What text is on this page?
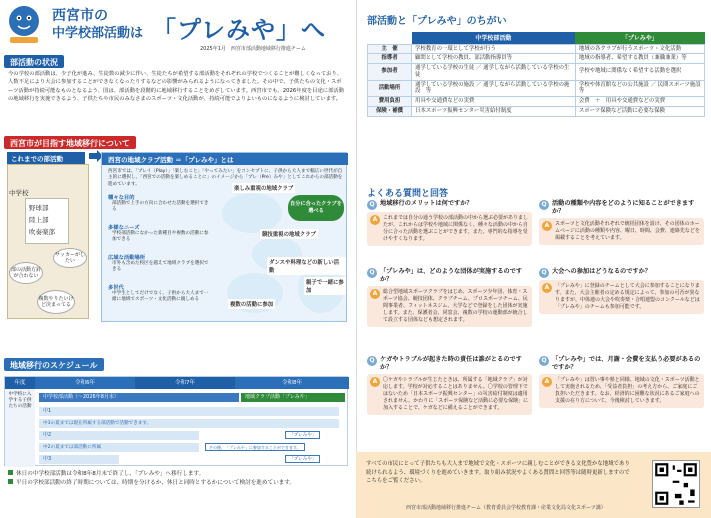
西宮市の
中学校部活動は 「プレみや」へ
2025年1月　西宮市部活動地域移行推進チーム
部活動の状況
今の学校の部活動は、少子化が進み、生徒数の減少に伴い、生徒たちが希望する部活動をそれぞれの学校でつくることが難しくなっており、人数不足により大会に参加することができなくなったりするなどの影響がみられるようになってきました。その中で、子供たちの文化・スポーツ活動が持続可能なものとなるよう、国は、部活動を段階的に地域移行することをめざしています。西宮市でも、2026年度を目途に部活動の地域移行を実施できるよう、子供たちや市民のみなさまのスポーツ・文化活動が、持続可能でよりよいものになるように検討しています。
西宮市が目指す地域移行について
これまでの部活動
中学校
野球部
陸上部
吹奏楽部
サッカーがしたい
部の活動方針が合わない
複数やりたいけど決まってる
西宮の地域クラブ活動 ＝「プレみや」とは
西宮市では、「プレイ（Play）」「楽しむこと」「やってみたい」をコンセプトに、子供から大人まで幅広い世代が自主的に選択し、「西宮での活動を楽しめることに」のイメージから「プレ（Pre）みや」としてこれからの部活動を進めています。
種々な目的
部活動で上手の方向に合わせた活動を選択できる
多様なニーズ
学校部活動になかった新種目や複数の活動に参加できる
広域な活動場所
市外も含めた校区を越えて地域クラブを選択できる
多世代
中学生としてだけでなく、子供から大人まで一緒に地域でスポーツ・文化活動に親しめる
楽しみ重視の地域クラブ
競技重視の地域クラブ
ダンスや料理などの新しい活動
複数の活動に参加
親子で一緒に参加
自分に合ったクラブを選べる
地域移行のスケジュール
年度	令和6年	令和7年	令和8年
中学校に入学する子供たちの活動
中学校部活動（～2026年8月末）	地域クラブ活動「プレみや」
中1
中3の夏までは現在所属する部活動で活動できます。
中2
中2の夏までは部活動に所属
中3
「プレみや」
その後、「プレみや」に参加することができます。
「プレみや」
休日の中学校部活動は令和8年8月末で終了し、「プレみや」へ移行します。
平日の学校部活動の終了時期については、時期を分けるか、休日と同時とするかについて検討を進めています。
部活動と「プレみや」のちがい
	中学校部活動	「プレみや」
主　催	学校教育の一環として学校が行う	地域の各クラブが行うスポーツ・文化活動
指導者	顧問として学校の教員、部活動指導員等	地域の指導者、希望する教員（兼職兼業）等
参加者	通学している学校の生徒 ／ 通学しながら活動している学校の生徒	学校や地域に関係なく希望する活動を選択
活動場所	通学している学校の施設 ／ 通学しながら活動している学校の施設　等	学校や体育館などの公共施設 ／ 民間スポーツ施設　等
費用負担	用具や交通費などの実費	会費　＋　用具や交通費などの実費
保険・補償	日本スポーツ振興センター災害給付制度	スポーツ保険など活動に必要な保険
よくある質問と回答
Q 地域移行のメリットは何ですか？
A	これまでは自分の通う学校の部活動の中から選ぶ必要がありましたが、これからは学校や地域に関係なく、種々な活動の中から自分に合った活動を選ぶことができます。また、専門的な指導を受けやすくなります。
Q 活動の種類や内容をどのように知ることができますか？
A	スポーツと文化活動それぞれで統括団体を設け、その団体のホームページに活動の種類や内容、曜日、時間、会費、連絡先などを掲載することを考えています。
Q 「プレみや」は、どのような団体が実施するのですか？
A	総合型地域スポーツクラブをはじめ、スポーツ少年団、体育・スポーツ協会、競技団体、クラブチーム、プロスポーツチーム、民間事業者、フィットネスジム、大学などで登録をした団体が実施します。また、保護者会、同窓会、複数の学校の運動部が統合して設立する団体なども想定されます。
Q 大会への参加はどうなるのですか？
A	「プレみや」に登録のチームとして大会に参加することになります。また、大会主催者の定める規定によって、参加の可否が異なりますが、中体連の大会や吹奏楽・合唱連盟のコンクールなどは「プレみや」のチームも参加可能です。
Q ケガやトラブルが起きた時の責任は誰がとるのですか？
A	〇ケガやトラブルが生じたときは、所属する「地域クラブ」が対応します。学校が対応することはありません。〇学校の管理下ではないため「日本スポーツ振興センター」の災害給付制度は適用されません。かわりに「スポーツ保険など活動に必要な保険」に加入することで、ケガなどに備えることができます。
Q 「プレみや」では、月謝・会費を支払う必要があるのですか？
A	「プレみや」は習い事や塾と同様、地域の文化・スポーツ活動として実施されるため、「受益者負担」の考え方から、ご家庭にご負担いただきます。なお、経済的に困難な状況にあるご家庭への支援の在り方について、今後検討していきます。
すべての市民にとって子供たちも大人まで地域で文化・スポーツに親しむことができる文化豊かな地域であり続けられるよう、環境づくりを進めていきます。取り組み状況やよくある質問と回答等は随時更新しますのでこちらをご覧ください。
西宮市部活動地域移行推進チーム（教育委員会学校教育課・産業文化局文化スポーツ課）
